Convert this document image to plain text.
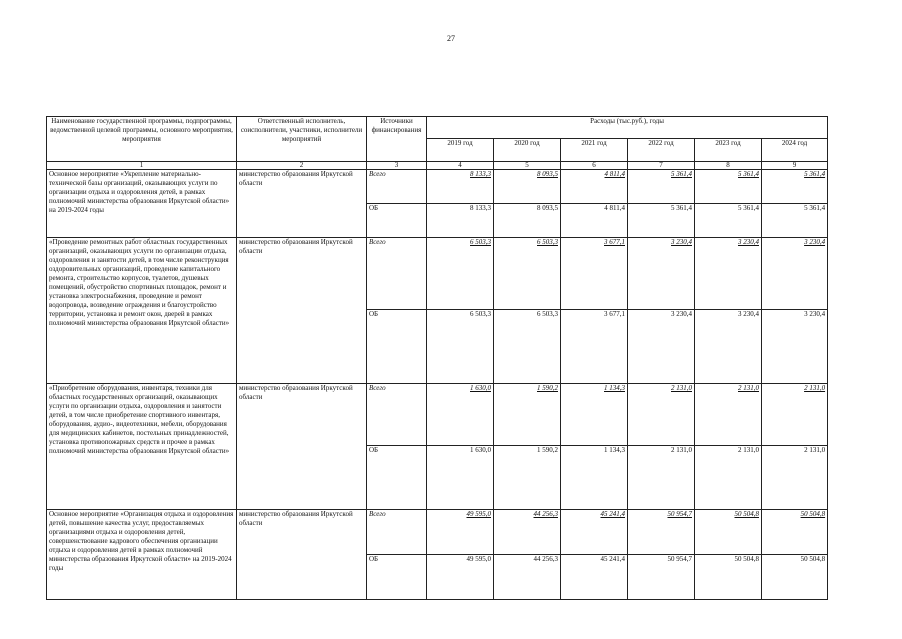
27
Наименование государственной программы, подпрограммы, ведомственной целевой программы, основного мероприятия, мероприятия	Ответственный исполнитель, соисполнители, участники, исполнители мероприятий	Источники финансирования	Расходы (тыс.руб.), годы					
			2019 год	2020 год	2021 год	2022 год	2023 год	2024 год
1	2	3	4	5	6	7	8	9
Основное мероприятие «Укрепление материально-технической базы организаций, оказывающих услуги по организации отдыха и оздоровления детей, в рамках полномочий министерства образования Иркутской области» на 2019-2024 годы	министерство образования Иркутской области	Всего	8 133,3	8 093,5	4 811,4	5 361,4	5 361,4	5 361,4
		ОБ	8 133,3	8 093,5	4 811,4	5 361,4	5 361,4	5 361,4
«Проведение ремонтных работ областных государственных организаций, оказывающих услуги по организации отдыха, оздоровления и занятости детей, в том числе реконструкция оздоровительных организаций, проведение капитального ремонта, строительство корпусов, туалетов, душевых помещений, обустройство спортивных площадок, ремонт и установка электроснабжения, проведение и ремонт водопровода, возведение ограждения и благоустройство территории, установка и ремонт окон, дверей в рамках полномочий министерства образования Иркутской области»	министерство образования Иркутской области	Всего	6 503,3	6 503,3	3 677,1	3 230,4	3 230,4	3 230,4
		ОБ	6 503,3	6 503,3	3 677,1	3 230,4	3 230,4	3 230,4
«Приобретение оборудования, инвентаря, техники для областных государственных организаций, оказывающих услуги по организации отдыха, оздоровления и занятости детей, в том числе приобретение спортивного инвентаря, оборудования, аудио-, видеотехники, мебели, оборудования для медицинских кабинетов, постельных принадлежностей, установка противопожарных средств и прочее в рамках полномочий министерства образования Иркутской области»	министерство образования Иркутской области	Всего	1 630,0	1 590,2	1 134,3	2 131,0	2 131,0	2 131,0
		ОБ	1 630,0	1 590,2	1 134,3	2 131,0	2 131,0	2 131,0
Основное мероприятие «Организация отдыха и оздоровления детей, повышение качества услуг, предоставляемых организациями отдыха и оздоровления детей, совершенствование кадрового обеспечения организации отдыха и оздоровления детей в рамках полномочий министерства образования Иркутской области» на 2019-2024 годы	министерство образования Иркутской области	Всего	49 595,0	44 256,3	45 241,4	50 954,7	50 504,8	50 504,8
		ОБ	49 595,0	44 256,3	45 241,4	50 954,7	50 504,8	50 504,8
